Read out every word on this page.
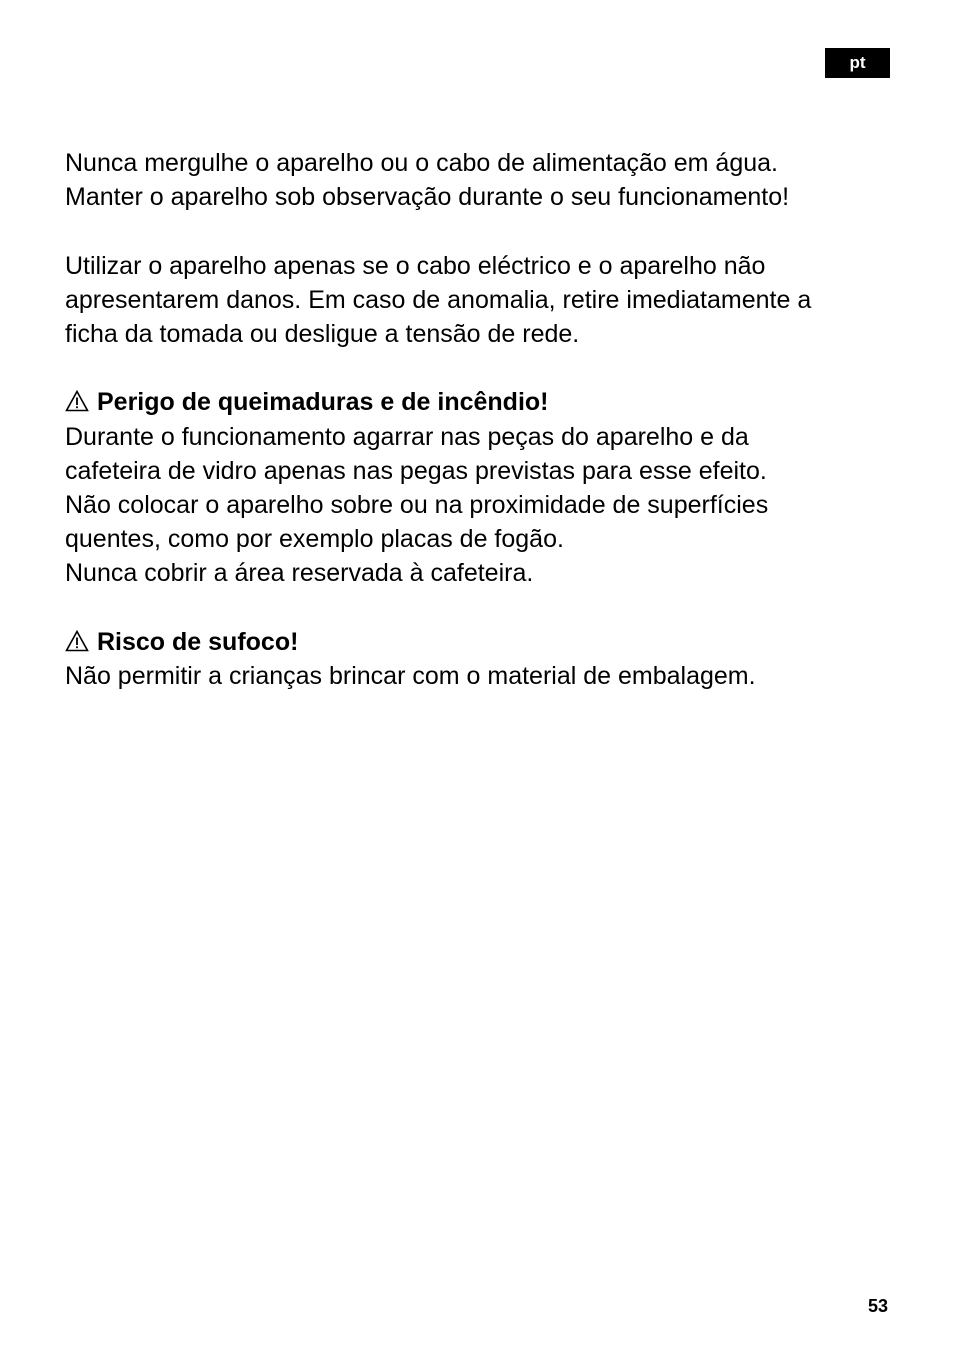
pt
Nunca mergulhe o aparelho ou o cabo de alimentação em água.
Manter o aparelho sob observação durante o seu funcionamento!
Utilizar o aparelho apenas se o cabo eléctrico e o aparelho não
apresentarem danos. Em caso de anomalia, retire imediatamente a
ficha da tomada ou desligue a tensão de rede.
Perigo de queimaduras e de incêndio!
Durante o funcionamento agarrar nas peças do aparelho e da
cafeteira de vidro apenas nas pegas previstas para esse efeito.
Não colocar o aparelho sobre ou na proximidade de superfícies
quentes, como por exemplo placas de fogão.
Nunca cobrir a área reservada à cafeteira.
Risco de sufoco!
Não permitir a crianças brincar com o material de embalagem.
53
